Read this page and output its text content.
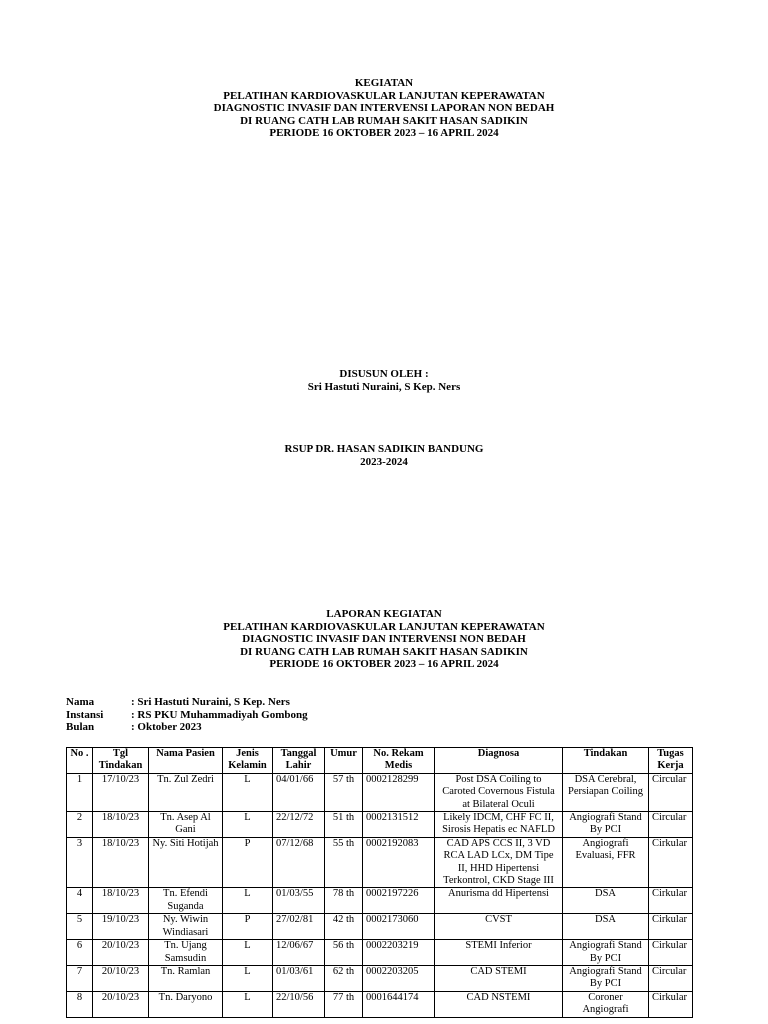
KEGIATAN
PELATIHAN KARDIOVASKULAR LANJUTAN KEPERAWATAN
DIAGNOSTIC INVASIF DAN INTERVENSI LAPORAN NON BEDAH
DI RUANG CATH LAB RUMAH SAKIT HASAN SADIKIN
PERIODE 16 OKTOBER 2023 – 16 APRIL 2024
DISUSUN OLEH :
Sri Hastuti Nuraini, S Kep. Ners
RSUP DR. HASAN SADIKIN BANDUNG
2023-2024
LAPORAN KEGIATAN
PELATIHAN KARDIOVASKULAR LANJUTAN KEPERAWATAN
DIAGNOSTIC INVASIF DAN INTERVENSI NON BEDAH
DI RUANG CATH LAB RUMAH SAKIT HASAN SADIKIN
PERIODE 16 OKTOBER 2023 – 16 APRIL 2024
Nama	: Sri Hastuti Nuraini, S Kep. Ners
Instansi	: RS PKU Muhammadiyah Gombong
Bulan	: Oktober 2023
No .	Tgl Tindakan	Nama Pasien	Jenis Kelamin	Tanggal Lahir	Umur	No. Rekam Medis	Diagnosa	Tindakan	Tugas Kerja
1	17/10/23	Tn. Zul Zedri	L	04/01/66	57 th	0002128299	Post DSA Coiling to Caroted Covernous Fistula at Bilateral Oculi	DSA Cerebral, Persiapan Coiling	Circular
2	18/10/23	Tn. Asep Al Gani	L	22/12/72	51 th	0002131512	Likely IDCM, CHF FC II, Sirosis Hepatis ec NAFLD	Angiografi Stand By PCI	Circular
3	18/10/23	Ny. Siti Hotijah	P	07/12/68	55 th	0002192083	CAD APS CCS II, 3 VD RCA LAD LCx, DM Tipe II, HHD Hipertensi Terkontrol, CKD Stage III	Angiografi Evaluasi, FFR	Cirkular
4	18/10/23	Tn. Efendi Suganda	L	01/03/55	78 th	0002197226	Anurisma dd Hipertensi	DSA	Cirkular
5	19/10/23	Ny. Wiwin Windiasari	P	27/02/81	42 th	0002173060	CVST	DSA	Cirkular
6	20/10/23	Tn. Ujang Samsudin	L	12/06/67	56 th	0002203219	STEMI Inferior	Angiografi Stand By PCI	Cirkular
7	20/10/23	Tn. Ramlan	L	01/03/61	62 th	0002203205	CAD STEMI	Angiografi Stand By PCI	Circular
8	20/10/23	Tn. Daryono	L	22/10/56	77 th	0001644174	CAD NSTEMI	Coroner Angiografi	Cirkular
